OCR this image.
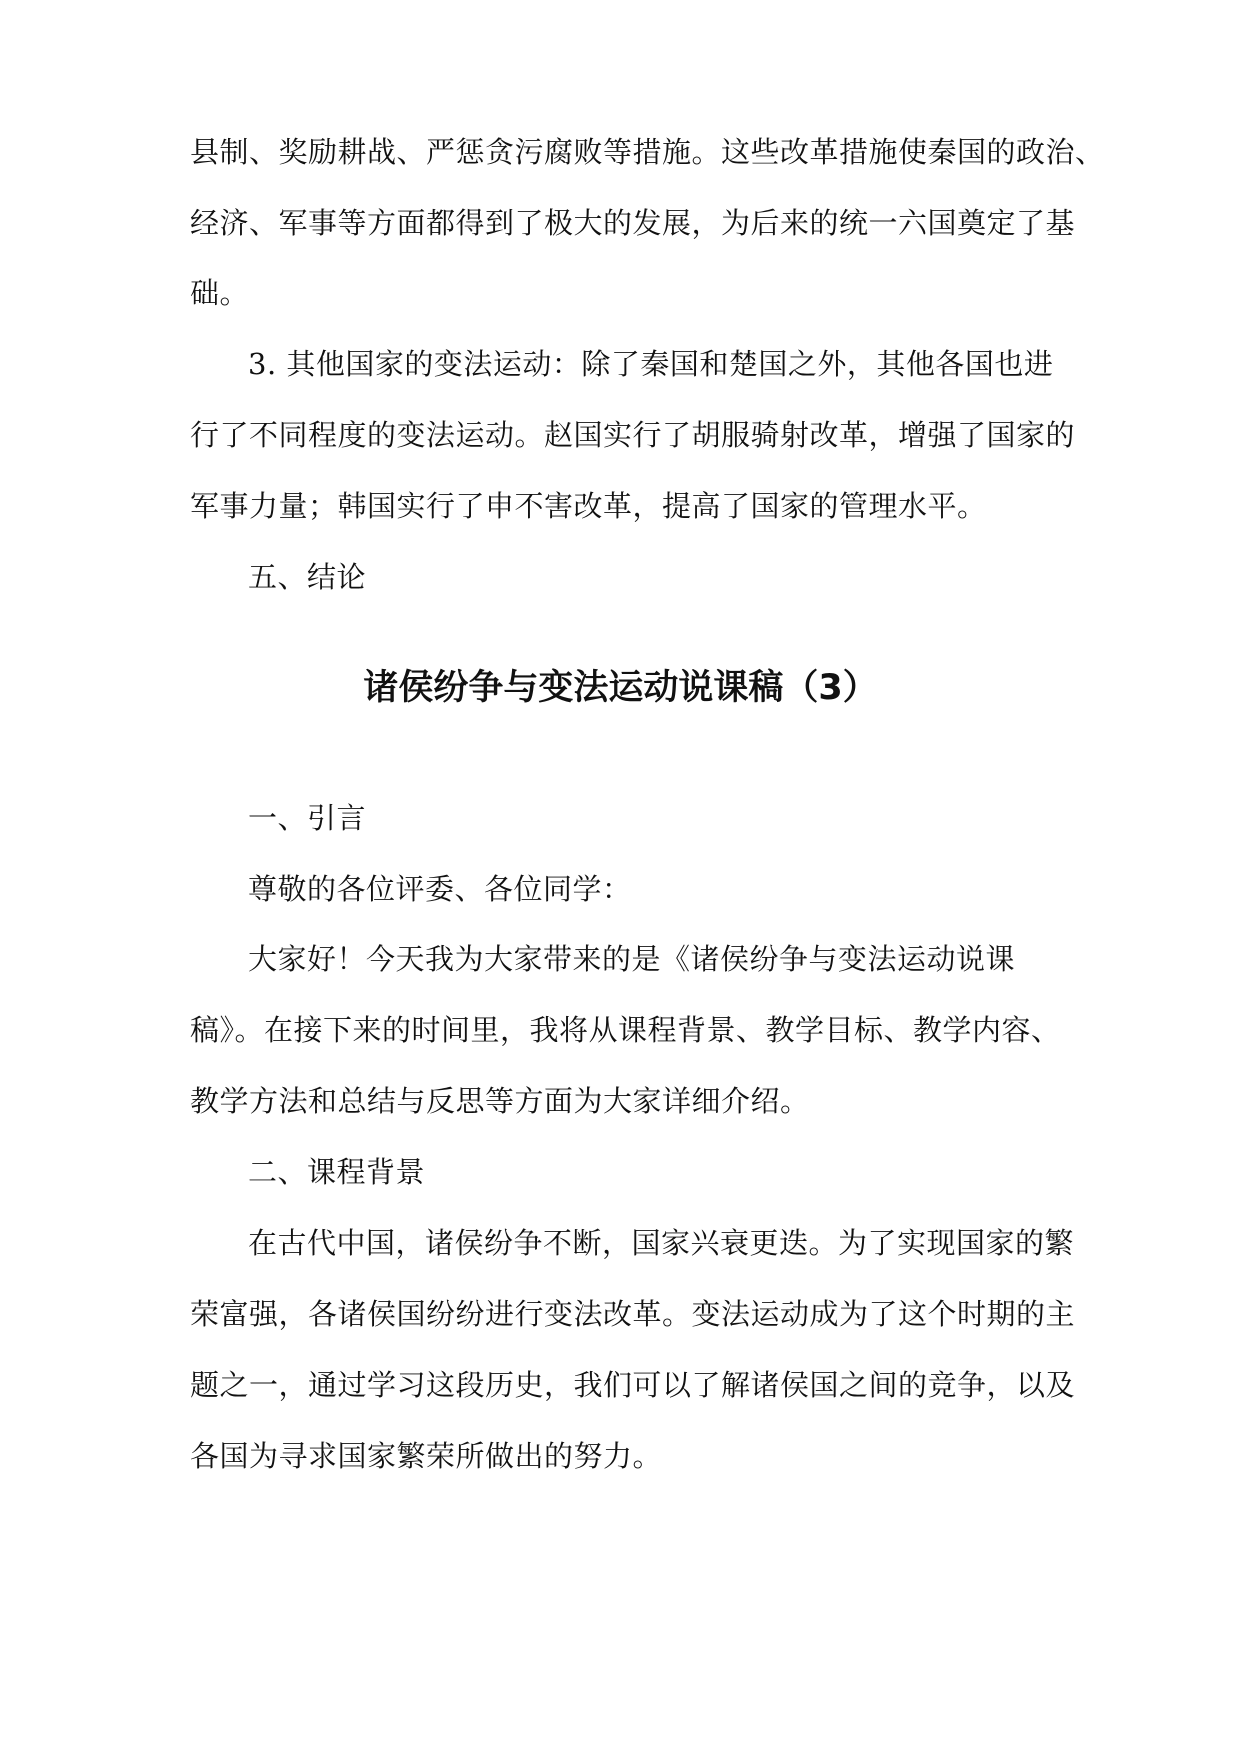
县制、奖励耕战、严惩贪污腐败等措施。这些改革措施使秦国的政治、
经济、军事等方面都得到了极大的发展，为后来的统一六国奠定了基
础。
3. 其他国家的变法运动：除了秦国和楚国之外，其他各国也进
行了不同程度的变法运动。赵国实行了胡服骑射改革，增强了国家的
军事力量；韩国实行了申不害改革，提高了国家的管理水平。
五、结论
诸侯纷争与变法运动说课稿（3）
一、引言
尊敬的各位评委、各位同学：
大家好！今天我为大家带来的是《诸侯纷争与变法运动说课
稿》。在接下来的时间里，我将从课程背景、教学目标、教学内容、
教学方法和总结与反思等方面为大家详细介绍。
二、课程背景
在古代中国，诸侯纷争不断，国家兴衰更迭。为了实现国家的繁
荣富强，各诸侯国纷纷进行变法改革。变法运动成为了这个时期的主
题之一，通过学习这段历史，我们可以了解诸侯国之间的竞争，以及
各国为寻求国家繁荣所做出的努力。
